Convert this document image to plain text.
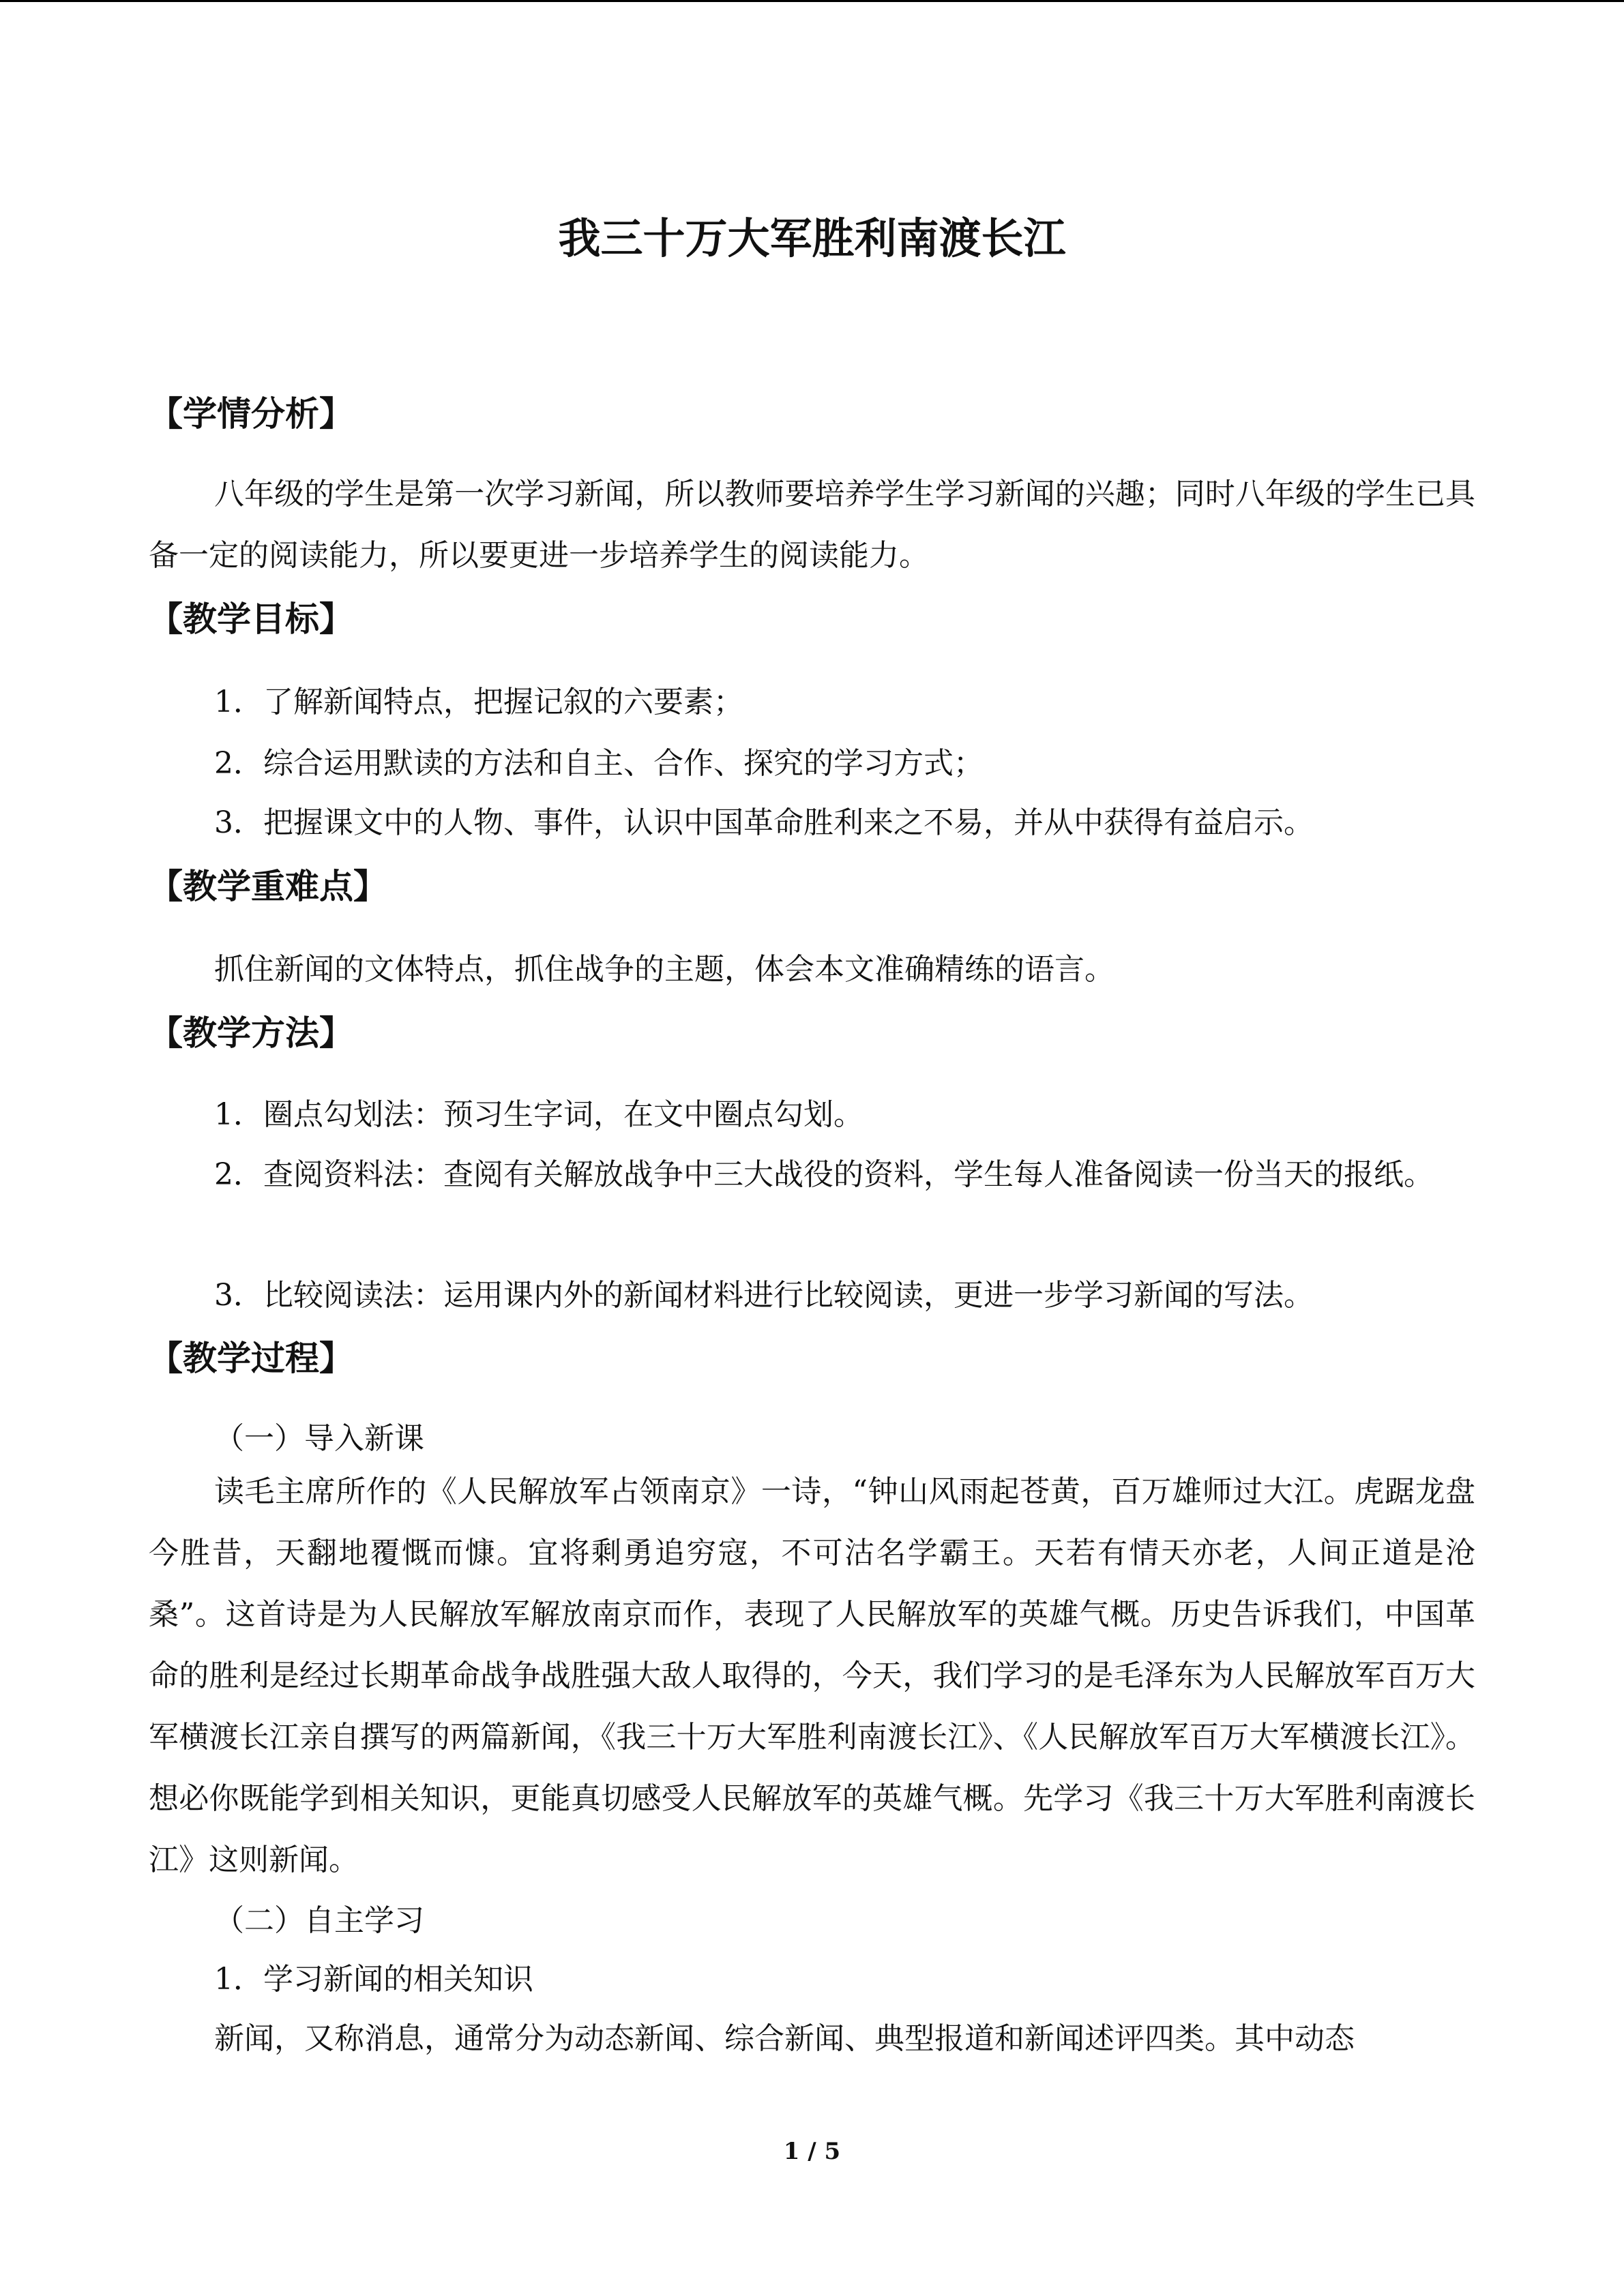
我三十万大军胜利南渡长江
【学情分析】

八年级的学生是第一次学习新闻，所以教师要培养学生学习新闻的兴趣；同时八年级的学生已具备一定的阅读能力，所以要更进一步培养学生的阅读能力。

【教学目标】
1．了解新闻特点，把握记叙的六要素；
2．综合运用默读的方法和自主、合作、探究的学习方式；
3．把握课文中的人物、事件，认识中国革命胜利来之不易，并从中获得有益启示。
【教学重难点】
抓住新闻的文体特点，抓住战争的主题，体会本文准确精练的语言。
【教学方法】
1．圈点勾划法：预习生字词，在文中圈点勾划。

2．查阅资料法：查阅有关解放战争中三大战役的资料，学生每人准备阅读一份当天的报纸。

3．比较阅读法：运用课内外的新闻材料进行比较阅读，更进一步学习新闻的写法。
【教学过程】
（一）导入新课

读毛主席所作的《人民解放军占领南京》一诗，“钟山风雨起苍黄，百万雄师过大江。虎踞龙盘今胜昔，天翻地覆慨而慷。宜将剩勇追穷寇，不可沽名学霸王。天若有情天亦老，人间正道是沧桑”。这首诗是为人民解放军解放南京而作，表现了人民解放军的英雄气概。历史告诉我们，中国革命的胜利是经过长期革命战争战胜强大敌人取得的，今天，我们学习的是毛泽东为人民解放军百万大军横渡长江亲自撰写的两篇新闻，《我三十万大军胜利南渡长江》、《人民解放军百万大军横渡长江》。想必你既能学到相关知识，更能真切感受人民解放军的英雄气概。先学习《我三十万大军胜利南渡长江》这则新闻。

（二）自主学习
1．学习新闻的相关知识
新闻，又称消息，通常分为动态新闻、综合新闻、典型报道和新闻述评四类。其中动态
1 / 5
